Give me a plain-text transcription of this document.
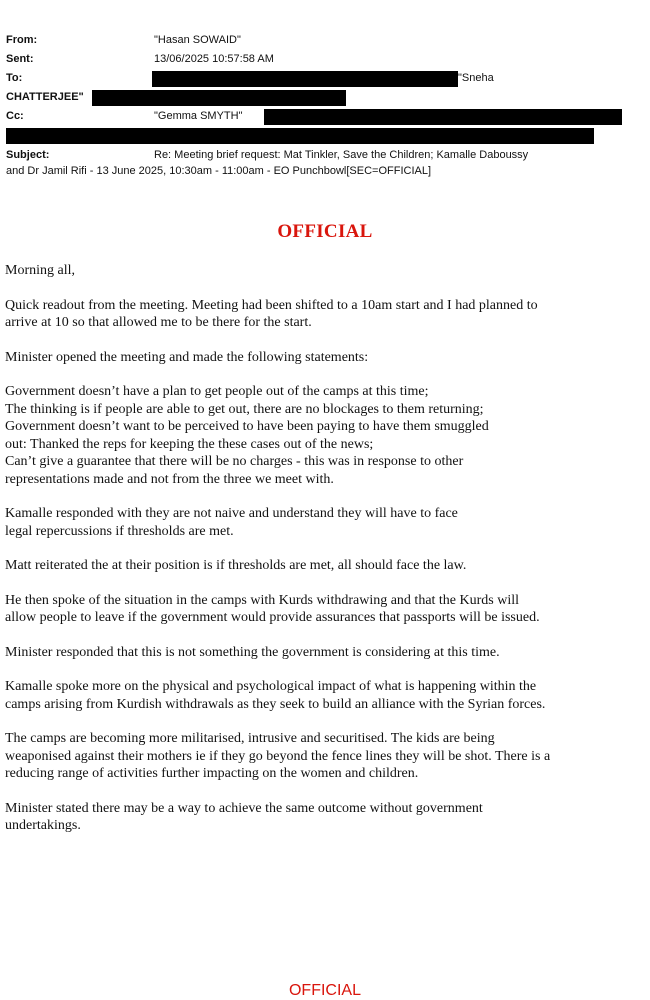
From:	"Hasan SOWAID"
Sent:	13/06/2025 10:57:58 AM
To:	"Sneha
CHATTERJEE"
Cc:	"Gemma SMYTH"
Subject:	Re: Meeting brief request: Mat Tinkler, Save the Children; Kamalle Daboussy
and Dr Jamil Rifi - 13 June 2025, 10:30am - 11:00am - EO Punchbowl[SEC=OFFICIAL]
OFFICIAL

Morning all,

Quick readout from the meeting. Meeting had been shifted to a 10am start and I had planned to
arrive at 10 so that allowed me to be there for the start.

Minister opened the meeting and made the following statements:

Government doesn’t have a plan to get people out of the camps at this time;
The thinking is if people are able to get out, there are no blockages to them returning;
Government doesn’t want to be perceived to have been paying to have them smuggled
out: Thanked the reps for keeping the these cases out of the news;
Can’t give a guarantee that there will be no charges - this was in response to other
representations made and not from the three we meet with.

Kamalle responded with they are not naive and understand they will have to face
legal repercussions if thresholds are met.

Matt reiterated the at their position is if thresholds are met, all should face the law.

He then spoke of the situation in the camps with Kurds withdrawing and that the Kurds will
allow people to leave if the government would provide assurances that passports will be issued.

Minister responded that this is not something the government is considering at this time.

Kamalle spoke more on the physical and psychological impact of what is happening within the
camps arising from Kurdish withdrawals as they seek to build an alliance with the Syrian forces.

The camps are becoming more militarised, intrusive and securitised. The kids are being
weaponised against their mothers ie if they go beyond the fence lines they will be shot. There is a
reducing range of activities further impacting on the women and children.

Minister stated there may be a way to achieve the same outcome without government
undertakings.

OFFICIAL
